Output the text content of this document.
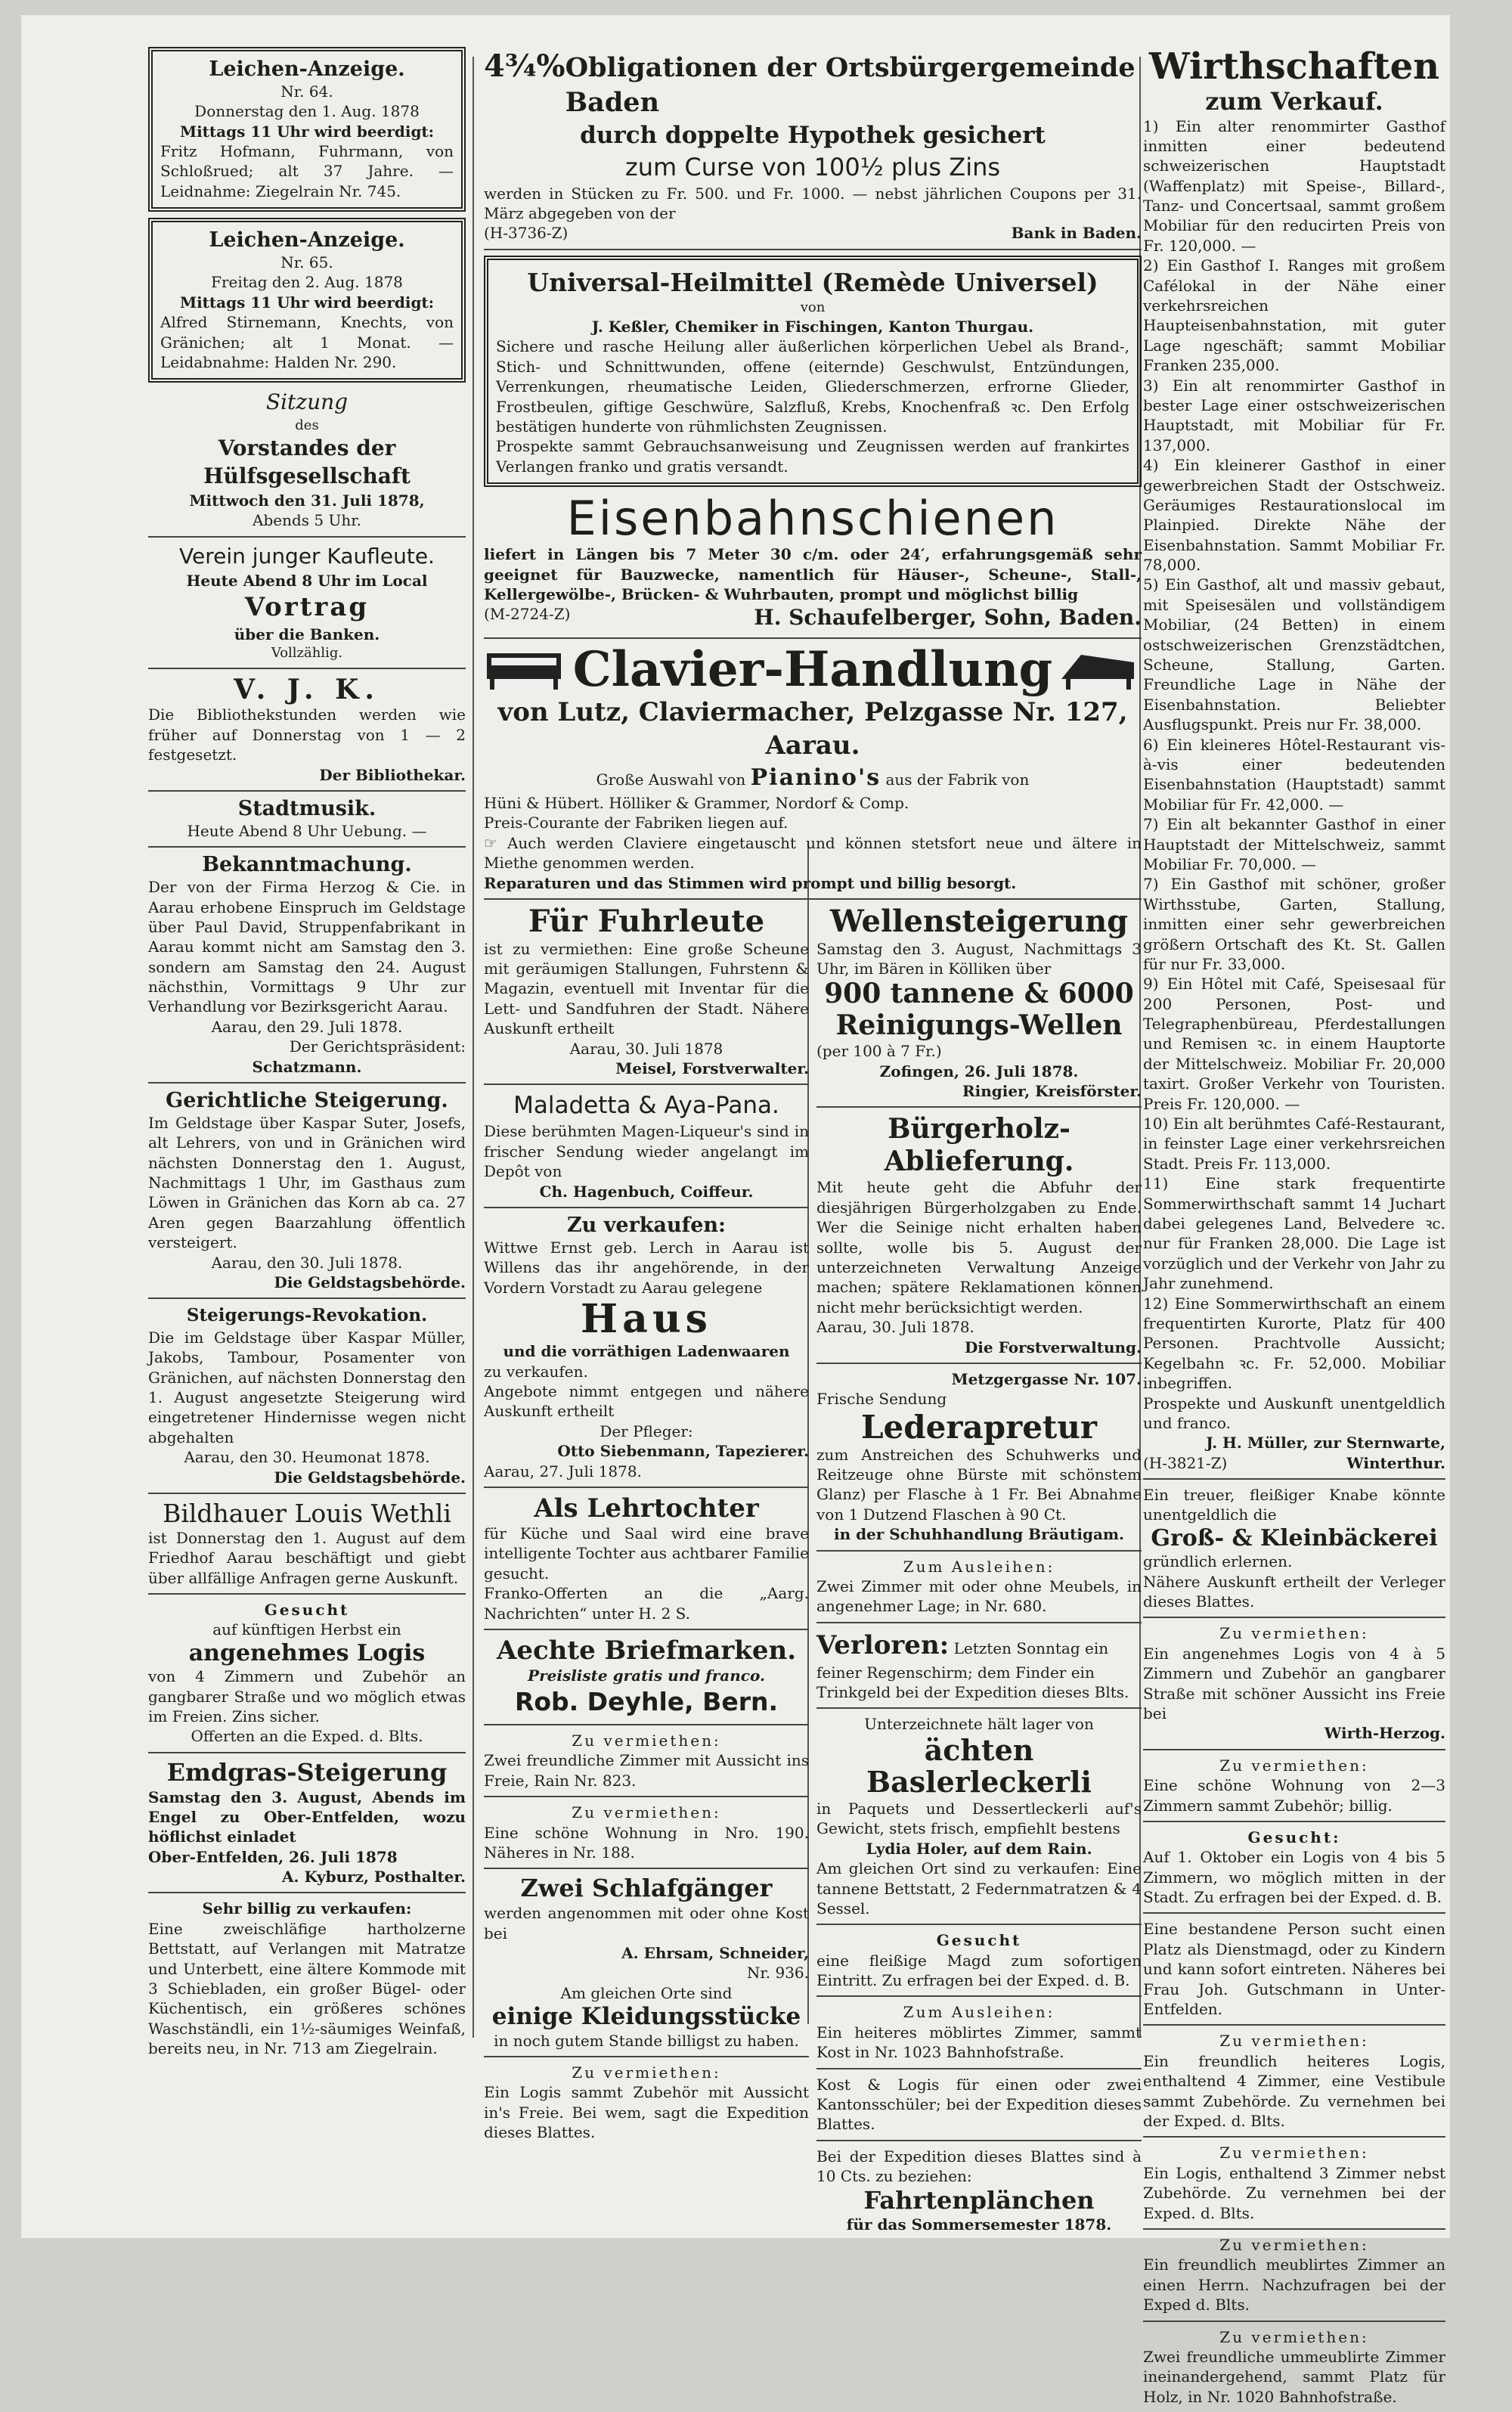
Leichen-Anzeige.
Nr. 64.
Donnerstag den 1. Aug. 1878
Mittags 11 Uhr wird beerdigt:
Fritz Hofmann, Fuhrmann, von Schloßrued; alt 37 Jahre. — Leidnahme: Ziegelrain Nr. 745.
Leichen-Anzeige.
Nr. 65.
Freitag den 2. Aug. 1878
Mittags 11 Uhr wird beerdigt:
Alfred Stirnemann, Knechts, von Gränichen; alt 1 Monat. — Leidabnahme: Halden Nr. 290.
Sitzung
des
Vorstandes der Hülfsgesellschaft
Mittwoch den 31. Juli 1878,
Abends 5 Uhr.
Verein junger Kaufleute.
Heute Abend 8 Uhr im Local
Vortrag
über die Banken.
Vollzählig.
V. J. K.
Die Bibliothekstunden werden wie früher auf Donnerstag von 1 — 2 festgesetzt.
Der Bibliothekar.
Stadtmusik.
Heute Abend 8 Uhr Uebung. —
Bekanntmachung.
Der von der Firma Herzog & Cie. in Aarau erhobene Einspruch im Geldstage über Paul David, Struppenfabrikant in Aarau kommt nicht am Samstag den 3. sondern am Samstag den 24. August nächsthin, Vormittags 9 Uhr zur Verhandlung vor Bezirksgericht Aarau.
Aarau, den 29. Juli 1878.
Der Gerichtspräsident:
Schatzmann.
Gerichtliche Steigerung.
Im Geldstage über Kaspar Suter, Josefs, alt Lehrers, von und in Gränichen wird nächsten Donnerstag den 1. August, Nachmittags 1 Uhr, im Gasthaus zum Löwen in Gränichen das Korn ab ca. 27 Aren gegen Baarzahlung öffentlich versteigert.
Aarau, den 30. Juli 1878.
Die Geldstagsbehörde.
Steigerungs-Revokation.
Die im Geldstage über Kaspar Müller, Jakobs, Tambour, Posamenter von Gränichen, auf nächsten Donnerstag den 1. August angesetzte Steigerung wird eingetretener Hindernisse wegen nicht abgehalten
Aarau, den 30. Heumonat 1878.
Die Geldstagsbehörde.
Bildhauer Louis Wethli
ist Donnerstag den 1. August auf dem Friedhof Aarau beschäftigt und giebt über allfällige Anfragen gerne Auskunft.
Gesucht
auf künftigen Herbst ein
angenehmes Logis
von 4 Zimmern und Zubehör an gangbarer Straße und wo möglich etwas im Freien. Zins sicher.
Offerten an die Exped. d. Blts.
Emdgras-Steigerung
Samstag den 3. August, Abends im Engel zu Ober-Entfelden, wozu höflichst einladet
Ober-Entfelden, 26. Juli 1878
A. Kyburz, Posthalter.
Sehr billig zu verkaufen:
Eine zweischläfige hartholzerne Bettstatt, auf Verlangen mit Matratze und Unterbett, eine ältere Kommode mit 3 Schiebladen, ein großer Bügel- oder Küchentisch, ein größeres schönes Waschständli, ein 1½-säumiges Weinfaß, bereits neu, in Nr. 713 am Ziegelrain.
4¾% Obligationen der Ortsbürgergemeinde Baden
durch doppelte Hypothek gesichert
zum Curse von 100½ plus Zins
werden in Stücken zu Fr. 500. und Fr. 1000. — nebst jährlichen Coupons per 31. März abgegeben von der
(H-3736-Z)	Bank in Baden.
Universal-Heilmittel (Remède Universel)
von
J. Keßler, Chemiker in Fischingen, Kanton Thurgau.
Sichere und rasche Heilung aller äußerlichen körperlichen Uebel als Brand-, Stich- und Schnittwunden, offene (eiternde) Geschwulst, Entzündungen, Verrenkungen, rheumatische Leiden, Gliederschmerzen, erfrorne Glieder, Frostbeulen, giftige Geschwüre, Salzfluß, Krebs, Knochenfraß ꝛc. Den Erfolg bestätigen hunderte von rühmlichsten Zeugnissen.
Prospekte sammt Gebrauchsanweisung und Zeugnissen werden auf frankirtes Verlangen franko und gratis versandt.
Eisenbahnschienen
liefert in Längen bis 7 Meter 30 c/m. oder 24′, erfahrungsgemäß sehr geeignet für Bauzwecke, namentlich für Häuser-, Scheune-, Stall-, Kellergewölbe-, Brücken- & Wuhrbauten, prompt und möglichst billig
(M-2724-Z)	H. Schaufelberger, Sohn, Baden.
Clavier-Handlung
von Lutz, Claviermacher, Pelzgasse Nr. 127, Aarau.
Große Auswahl von Pianino's aus der Fabrik von
Hüni & Hübert. Hölliker & Grammer, Nordorf & Comp.
Preis-Courante der Fabriken liegen auf.
☞ Auch werden Claviere eingetauscht und können stetsfort neue und ältere in Miethe genommen werden.
Reparaturen und das Stimmen wird prompt und billig besorgt.
Für Fuhrleute
ist zu vermiethen: Eine große Scheune mit geräumigen Stallungen, Fuhrstenn & Magazin, eventuell mit Inventar für die Lett- und Sandfuhren der Stadt. Nähere Auskunft ertheilt
Aarau, 30. Juli 1878
Meisel, Forstverwalter.
Maladetta & Aya-Pana.
Diese berühmten Magen-Liqueur's sind in frischer Sendung wieder angelangt im Depôt von
Ch. Hagenbuch, Coiffeur.
Zu verkaufen:
Wittwe Ernst geb. Lerch in Aarau ist Willens das ihr angehörende, in der Vordern Vorstadt zu Aarau gelegene
Haus
und die vorräthigen Ladenwaaren
zu verkaufen.
Angebote nimmt entgegen und nähere Auskunft ertheilt
Der Pfleger:
Otto Siebenmann, Tapezierer.
Aarau, 27. Juli 1878.
Als Lehrtochter
für Küche und Saal wird eine brave intelligente Tochter aus achtbarer Familie gesucht.
Franko-Offerten an die „Aarg. Nachrichten“ unter H. 2 S.
Aechte Briefmarken.
Preisliste gratis und franco.
Rob. Deyhle, Bern.
Zu vermiethen:
Zwei freundliche Zimmer mit Aussicht ins Freie, Rain Nr. 823.
Zu vermiethen:
Eine schöne Wohnung in Nro. 190. Näheres in Nr. 188.
Zwei Schlafgänger
werden angenommen mit oder ohne Kost bei
A. Ehrsam, Schneider,
Nr. 936.
Am gleichen Orte sind
einige Kleidungsstücke
in noch gutem Stande billigst zu haben.
Zu vermiethen:
Ein Logis sammt Zubehör mit Aussicht in's Freie. Bei wem, sagt die Expedition dieses Blattes.
Wellensteigerung
Samstag den 3. August, Nachmittags 3 Uhr, im Bären in Kölliken über
900 tannene & 6000
Reinigungs-Wellen
(per 100 à 7 Fr.)
Zofingen, 26. Juli 1878.
Ringier, Kreisförster.
Bürgerholz-Ablieferung.
Mit heute geht die Abfuhr der diesjährigen Bürgerholzgaben zu Ende. Wer die Seinige nicht erhalten haben sollte, wolle bis 5. August der unterzeichneten Verwaltung Anzeige machen; spätere Reklamationen können nicht mehr berücksichtigt werden.
Aarau, 30. Juli 1878.
Die Forstverwaltung.
Metzgergasse Nr. 107.
Frische Sendung
Lederapretur
zum Anstreichen des Schuhwerks und Reitzeuge ohne Bürste mit schönstem Glanz) per Flasche à 1 Fr. Bei Abnahme von 1 Dutzend Flaschen à 90 Ct.
in der Schuhhandlung Bräutigam.
Zum Ausleihen:
Zwei Zimmer mit oder ohne Meubels, in angenehmer Lage; in Nr. 680.
Verloren: Letzten Sonntag ein feiner Regenschirm; dem Finder ein Trinkgeld bei der Expedition dieses Blts.
Unterzeichnete hält lager von
ächten Baslerleckerli
in Paquets und Dessertleckerli auf's Gewicht, stets frisch, empfiehlt bestens
Lydia Holer, auf dem Rain.
Am gleichen Ort sind zu verkaufen: Eine tannene Bettstatt, 2 Federnmatratzen & 4 Sessel.
Gesucht
eine fleißige Magd zum sofortigen Eintritt. Zu erfragen bei der Exped. d. B.
Zum Ausleihen:
Ein heiteres möblirtes Zimmer, sammt Kost in Nr. 1023 Bahnhofstraße.
Kost & Logis für einen oder zwei Kantonsschüler; bei der Expedition dieses Blattes.
Bei der Expedition dieses Blattes sind à 10 Cts. zu beziehen:
Fahrtenplänchen
für das Sommersemester 1878.
Wirthschaften
zum Verkauf.
1) Ein alter renommirter Gasthof inmitten einer bedeutend schweizerischen Hauptstadt (Waffenplatz) mit Speise-, Billard-, Tanz- und Concertsaal, sammt großem Mobiliar für den reducirten Preis von Fr. 120,000. —
2) Ein Gasthof I. Ranges mit großem Cafélokal in der Nähe einer verkehrsreichen Haupteisenbahnstation, mit guter Lage ngeschäft; sammt Mobiliar Franken 235,000.
3) Ein alt renommirter Gasthof in bester Lage einer ostschweizerischen Hauptstadt, mit Mobiliar für Fr. 137,000.
4) Ein kleinerer Gasthof in einer gewerbreichen Stadt der Ostschweiz. Geräumiges Restaurationslocal im Plainpied. Direkte Nähe der Eisenbahnstation. Sammt Mobiliar Fr. 78,000.
5) Ein Gasthof, alt und massiv gebaut, mit Speisesälen und vollständigem Mobiliar, (24 Betten) in einem ostschweizerischen Grenzstädtchen, Scheune, Stallung, Garten. Freundliche Lage in Nähe der Eisenbahnstation. Beliebter Ausflugspunkt. Preis nur Fr. 38,000.
6) Ein kleineres Hôtel-Restaurant vis-à-vis einer bedeutenden Eisenbahnstation (Hauptstadt) sammt Mobiliar für Fr. 42,000. —
7) Ein alt bekannter Gasthof in einer Hauptstadt der Mittelschweiz, sammt Mobiliar Fr. 70,000. —
7) Ein Gasthof mit schöner, großer Wirthsstube, Garten, Stallung, inmitten einer sehr gewerbreichen größern Ortschaft des Kt. St. Gallen für nur Fr. 33,000.
9) Ein Hôtel mit Café, Speisesaal für 200 Personen, Post- und Telegraphenbüreau, Pferdestallungen und Remisen ꝛc. in einem Hauptorte der Mittelschweiz. Mobiliar Fr. 20,000 taxirt. Großer Verkehr von Touristen. Preis Fr. 120,000. —
10) Ein alt berühmtes Café-Restaurant, in feinster Lage einer verkehrsreichen Stadt. Preis Fr. 113,000.
11) Eine stark frequentirte Sommerwirthschaft sammt 14 Juchart dabei gelegenes Land, Belvedere ꝛc. nur für Franken 28,000. Die Lage ist vorzüglich und der Verkehr von Jahr zu Jahr zunehmend.
12) Eine Sommerwirthschaft an einem frequentirten Kurorte, Platz für 400 Personen. Prachtvolle Aussicht; Kegelbahn ꝛc. Fr. 52,000. Mobiliar inbegriffen.
Prospekte und Auskunft unentgeldlich und franco.
J. H. Müller, zur Sternwarte,
(H-3821-Z)	Winterthur.
Ein treuer, fleißiger Knabe könnte unentgeldlich die
Groß- & Kleinbäckerei
gründlich erlernen.
Nähere Auskunft ertheilt der Verleger dieses Blattes.
Zu vermiethen:
Ein angenehmes Logis von 4 à 5 Zimmern und Zubehör an gangbarer Straße mit schöner Aussicht ins Freie bei
Wirth-Herzog.
Zu vermiethen:
Eine schöne Wohnung von 2—3 Zimmern sammt Zubehör; billig.
Gesucht:
Auf 1. Oktober ein Logis von 4 bis 5 Zimmern, wo möglich mitten in der Stadt. Zu erfragen bei der Exped. d. B.
Eine bestandene Person sucht einen Platz als Dienstmagd, oder zu Kindern und kann sofort eintreten. Näheres bei Frau Joh. Gutschmann in Unter-Entfelden.
Zu vermiethen:
Ein freundlich heiteres Logis, enthaltend 4 Zimmer, eine Vestibule sammt Zubehörde. Zu vernehmen bei der Exped. d. Blts.
Zu vermiethen:
Ein Logis, enthaltend 3 Zimmer nebst Zubehörde. Zu vernehmen bei der Exped. d. Blts.
Zu vermiethen:
Ein freundlich meublirtes Zimmer an einen Herrn. Nachzufragen bei der Exped d. Blts.
Zu vermiethen:
Zwei freundliche ummeublirte Zimmer ineinandergehend, sammt Platz für Holz, in Nr. 1020 Bahnhofstraße.
